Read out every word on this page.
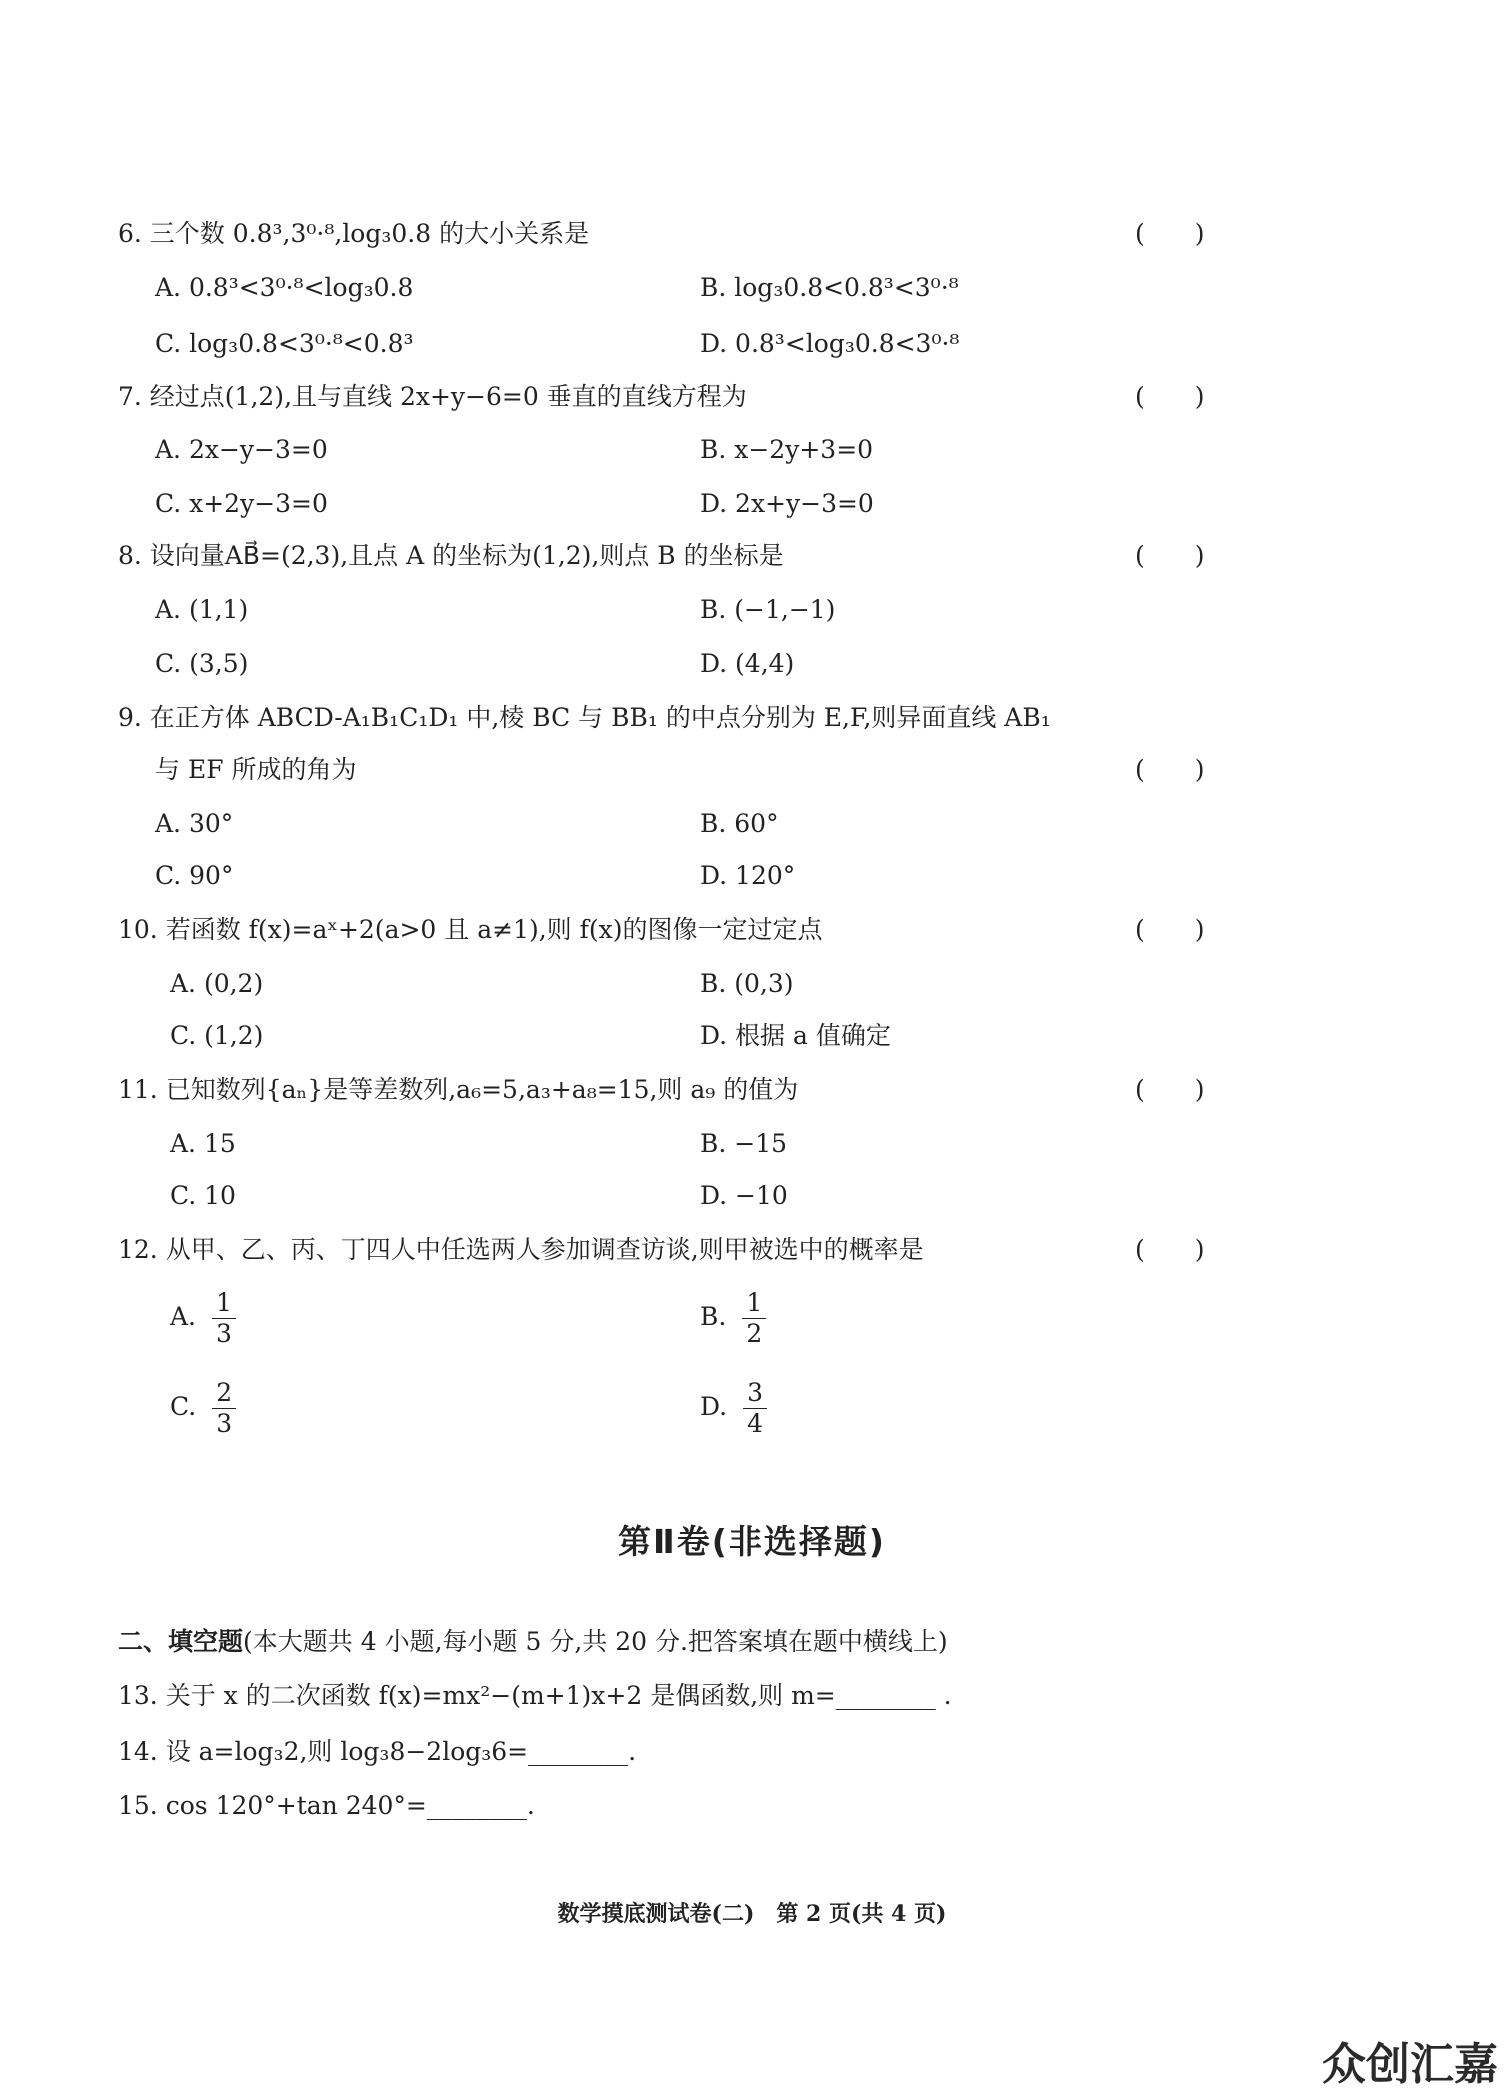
6. 三个数 0.8³,3⁰·⁸,log₃0.8 的大小关系是	(　　)
A. 0.8³<3⁰·⁸<log₃0.8	B. log₃0.8<0.8³<3⁰·⁸
C. log₃0.8<3⁰·⁸<0.8³	D. 0.8³<log₃0.8<3⁰·⁸
7. 经过点(1,2),且与直线 2x+y−6=0 垂直的直线方程为	(　　)
A. 2x−y−3=0	B. x−2y+3=0
C. x+2y−3=0	D. 2x+y−3=0
8. 设向量AB⃗=(2,3),且点 A 的坐标为(1,2),则点 B 的坐标是	(　　)
A. (1,1)	B. (−1,−1)
C. (3,5)	D. (4,4)
9. 在正方体 ABCD-A₁B₁C₁D₁ 中,棱 BC 与 BB₁ 的中点分别为 E,F,则异面直线 AB₁
与 EF 所成的角为	(　　)
A. 30°	B. 60°
C. 90°	D. 120°
10. 若函数 f(x)=aˣ+2(a>0 且 a≠1),则 f(x)的图像一定过定点	(　　)
A. (0,2)	B. (0,3)
C. (1,2)	D. 根据 a 值确定
11. 已知数列{aₙ}是等差数列,a₆=5,a₃+a₈=15,则 a₉ 的值为	(　　)
A. 15	B. −15
C. 10	D. −10
12. 从甲、乙、丙、丁四人中任选两人参加调查访谈,则甲被选中的概率是	(　　)
A. $\frac{1}{3}$	B. $\frac{1}{2}$
C. $\frac{2}{3}$	D. $\frac{3}{4}$
第Ⅱ卷(非选择题)
二、填空题(本大题共 4 小题,每小题 5 分,共 20 分.把答案填在题中横线上)
13. 关于 x 的二次函数 f(x)=mx²−(m+1)x+2 是偶函数,则 m=________ .
14. 设 a=log₃2,则 log₃8−2log₃6=________.
15. cos 120°+tan 240°=________.
数学摸底测试卷(二)　第 2 页(共 4 页)
众创汇嘉
